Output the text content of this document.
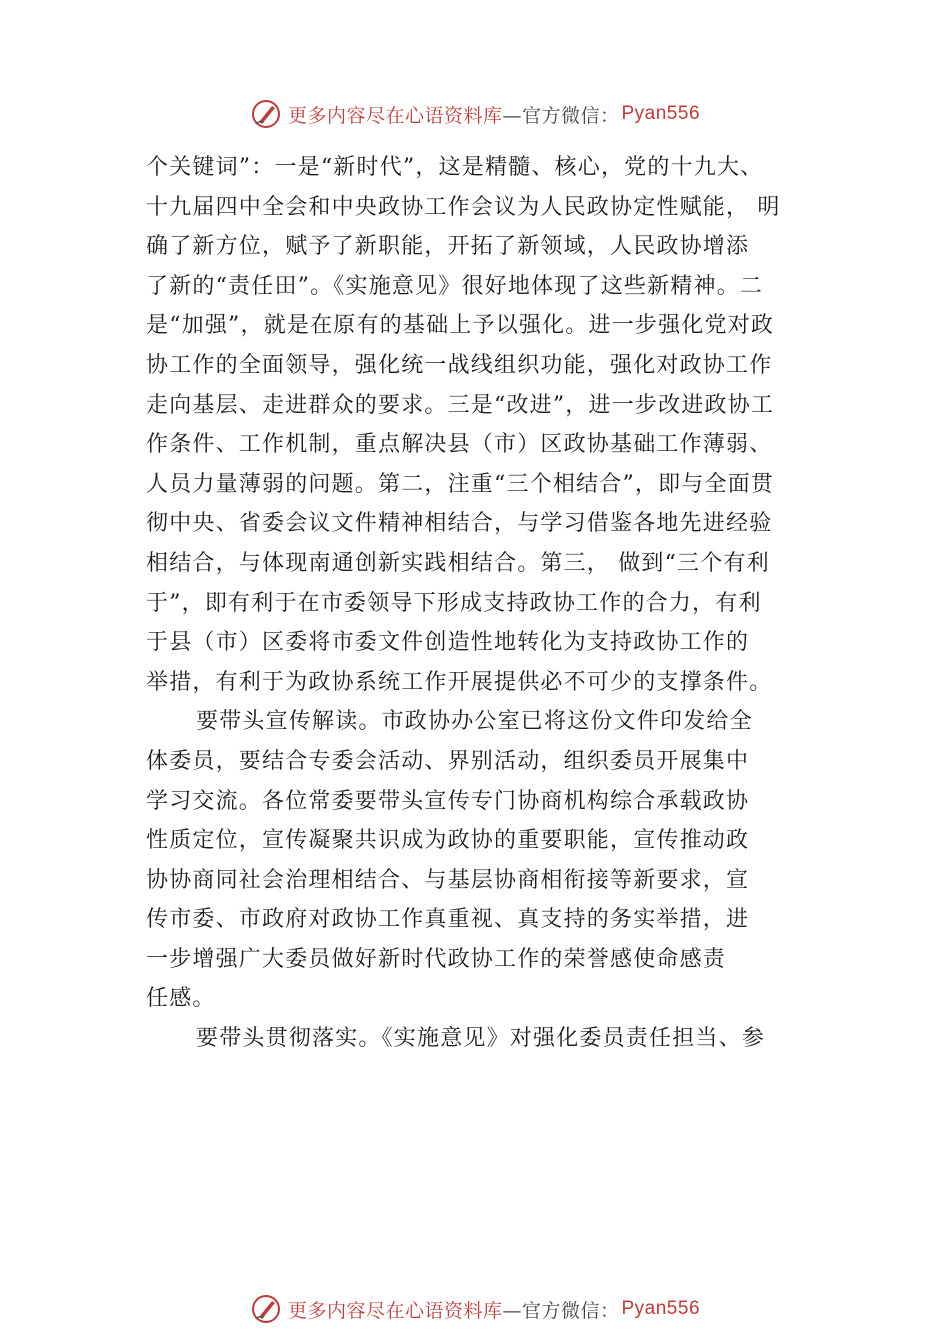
更多内容尽在心语资料库 —官方微信： Pyan556
个关键词”：一是“新时代”，这是精髓、核心，党的十九大、
十九届四中全会和中央政协工作会议为人民政协定性赋能， 明
确了新方位，赋予了新职能，开拓了新领域，人民政协增添
了新的“责任田”。《实施意见》很好地体现了这些新精神。二
是“加强”，就是在原有的基础上予以强化。进一步强化党对政
协工作的全面领导，强化统一战线组织功能，强化对政协工作
走向基层、走进群众的要求。三是“改进”，进一步改进政协工
作条件、工作机制，重点解决县（市）区政协基础工作薄弱、
人员力量薄弱的问题。第二，注重“三个相结合”，即与全面贯
彻中央、省委会议文件精神相结合，与学习借鉴各地先进经验
相结合，与体现南通创新实践相结合。第三， 做到“三个有利
于”，即有利于在市委领导下形成支持政协工作的合力，有利
于县（市）区委将市委文件创造性地转化为支持政协工作的
举措，有利于为政协系统工作开展提供必不可少的支撑条件。
要带头宣传解读。市政协办公室已将这份文件印发给全
体委员，要结合专委会活动、界别活动，组织委员开展集中
学习交流。各位常委要带头宣传专门协商机构综合承载政协
性质定位，宣传凝聚共识成为政协的重要职能，宣传推动政
协协商同社会治理相结合、与基层协商相衔接等新要求，宣
传市委、市政府对政协工作真重视、真支持的务实举措，进
一步增强广大委员做好新时代政协工作的荣誉感使命感责
任感。
要带头贯彻落实。《实施意见》对强化委员责任担当、参
更多内容尽在心语资料库 —官方微信： Pyan556
